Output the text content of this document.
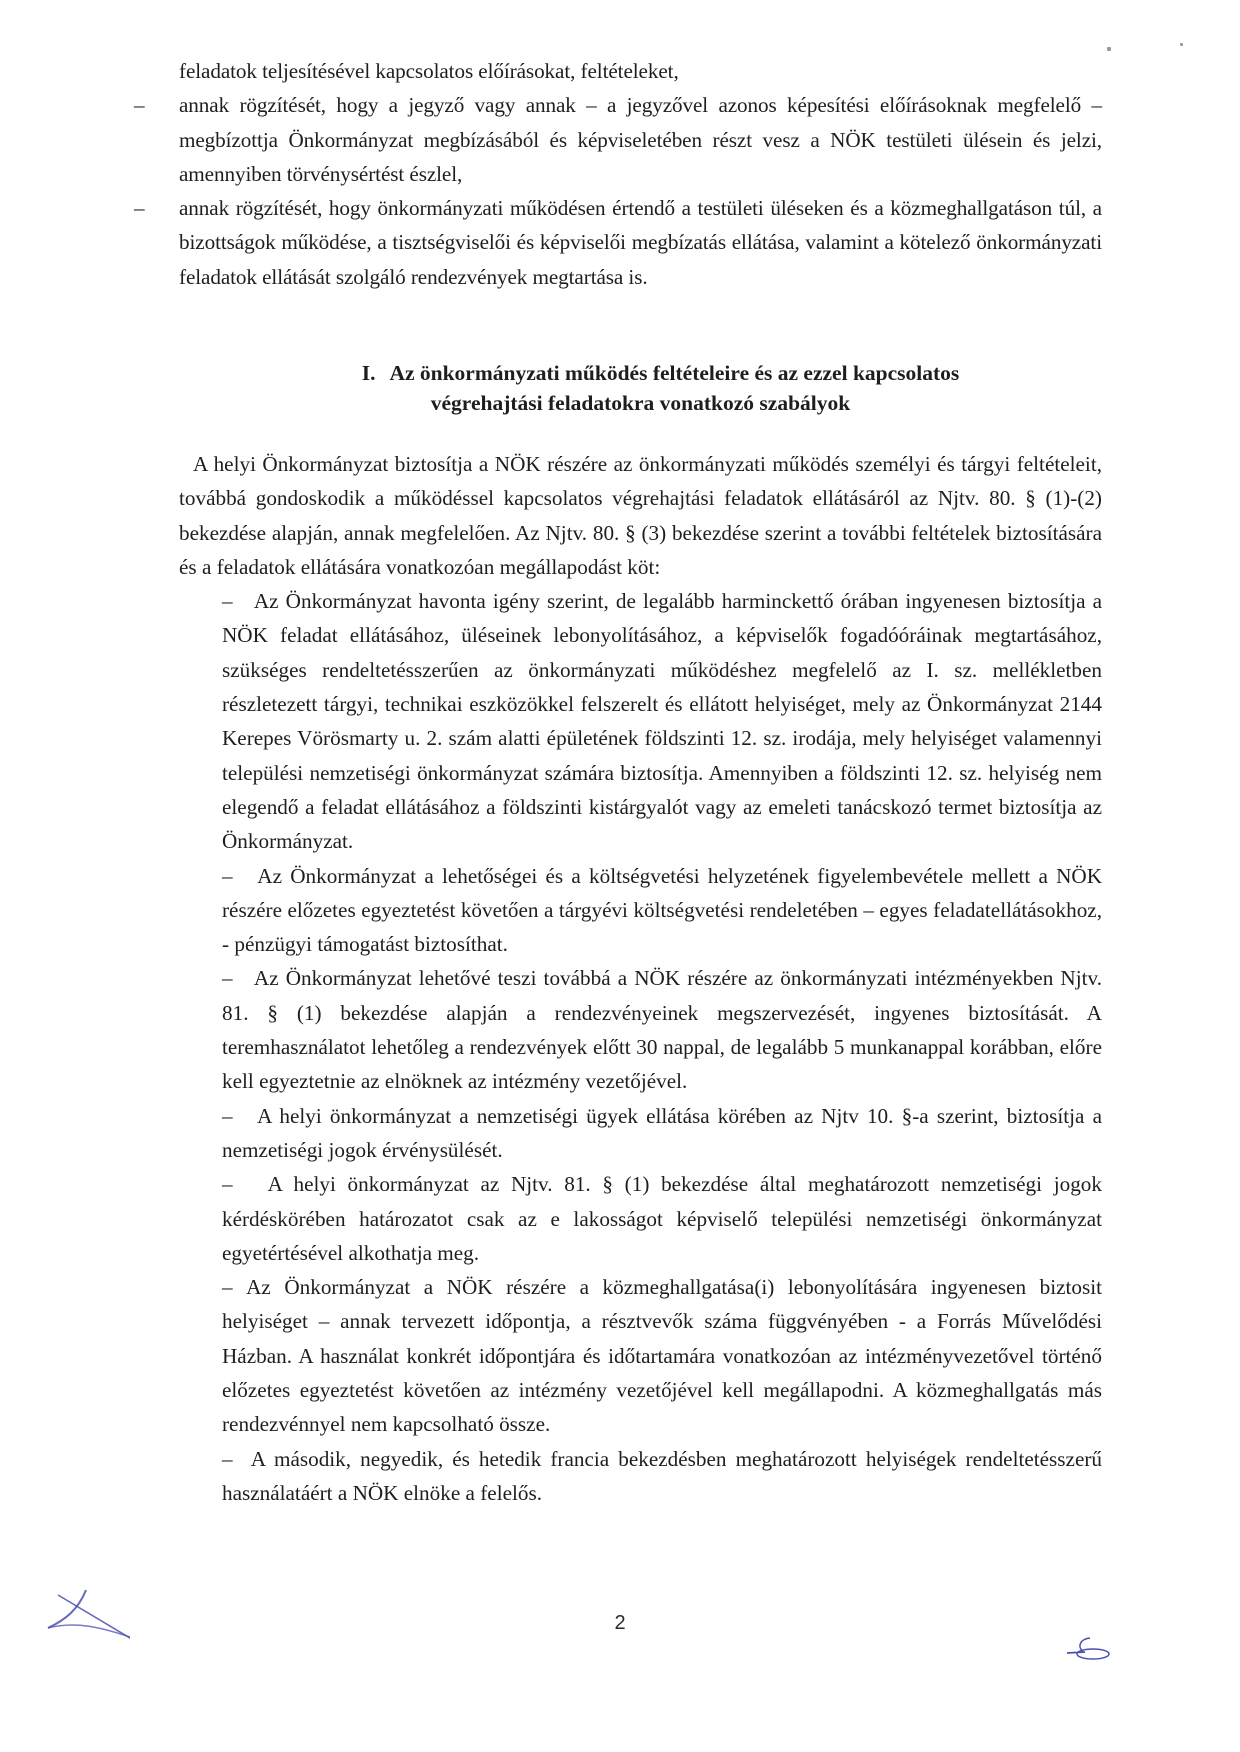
feladatok teljesítésével kapcsolatos előírásokat, feltételeket,

– annak rögzítését, hogy a jegyző vagy annak – a jegyzővel azonos képesítési előírásoknak megfelelő – megbízottja Önkormányzat megbízásából és képviseletében részt vesz a NÖK testületi ülésein és jelzi, amennyiben törvénysértést észlel,
– annak rögzítését, hogy önkormányzati működésen értendő a testületi üléseken és a közmeghallgatáson túl, a bizottságok működése, a tisztségviselői és képviselői megbízatás ellátása, valamint a kötelező önkormányzati feladatok ellátását szolgáló rendezvények megtartása is.
I. Az önkormányzati működés feltételeire és az ezzel kapcsolatos
végrehajtási feladatokra vonatkozó szabályok

A helyi Önkormányzat biztosítja a NÖK részére az önkormányzati működés személyi és tárgyi feltételeit, továbbá gondoskodik a működéssel kapcsolatos végrehajtási feladatok ellátásáról az Njtv. 80. § (1)-(2) bekezdése alapján, annak megfelelően. Az Njtv. 80. § (3) bekezdése szerint a további feltételek biztosítására és a feladatok ellátására vonatkozóan megállapodást köt:

– Az Önkormányzat havonta igény szerint, de legalább harminckettő órában ingyenesen biztosítja a NÖK feladat ellátásához, üléseinek lebonyolításához, a képviselők fogadóóráinak megtartásához, szükséges rendeltetésszerűen az önkormányzati működéshez megfelelő az I. sz. mellékletben részletezett tárgyi, technikai eszközökkel felszerelt és ellátott helyiséget, mely az Önkormányzat 2144 Kerepes Vörösmarty u. 2. szám alatti épületének földszinti 12. sz. irodája, mely helyiséget valamennyi települési nemzetiségi önkormányzat számára biztosítja. Amennyiben a földszinti 12. sz. helyiség nem elegendő a feladat ellátásához a földszinti kistárgyalót vagy az emeleti tanácskozó termet biztosítja az Önkormányzat.

– Az Önkormányzat a lehetőségei és a költségvetési helyzetének figyelembevétele mellett a NÖK részére előzetes egyeztetést követően a tárgyévi költségvetési rendeletében – egyes feladatellátásokhoz, - pénzügyi támogatást biztosíthat.

– Az Önkormányzat lehetővé teszi továbbá a NÖK részére az önkormányzati intézményekben Njtv. 81. § (1) bekezdése alapján a rendezvényeinek megszervezését, ingyenes biztosítását. A teremhasználatot lehetőleg a rendezvények előtt 30 nappal, de legalább 5 munkanappal korábban, előre kell egyeztetnie az elnöknek az intézmény vezetőjével.

– A helyi önkormányzat a nemzetiségi ügyek ellátása körében az Njtv 10. §-a szerint, biztosítja a nemzetiségi jogok érvénysülését.

– A helyi önkormányzat az Njtv. 81. § (1) bekezdése által meghatározott nemzetiségi jogok kérdéskörében határozatot csak az e lakosságot képviselő települési nemzetiségi önkormányzat egyetértésével alkothatja meg.

– Az Önkormányzat a NÖK részére a közmeghallgatása(i) lebonyolítására ingyenesen biztosit helyiséget – annak tervezett időpontja, a résztvevők száma függvényében - a Forrás Művelődési Házban. A használat konkrét időpontjára és időtartamára vonatkozóan az intézményvezetővel történő előzetes egyeztetést követően az intézmény vezetőjével kell megállapodni. A közmeghallgatás más rendezvénnyel nem kapcsolható össze.

– A második, negyedik, és hetedik francia bekezdésben meghatározott helyiségek rendeltetésszerű használatáért a NÖK elnöke a felelős.

2
